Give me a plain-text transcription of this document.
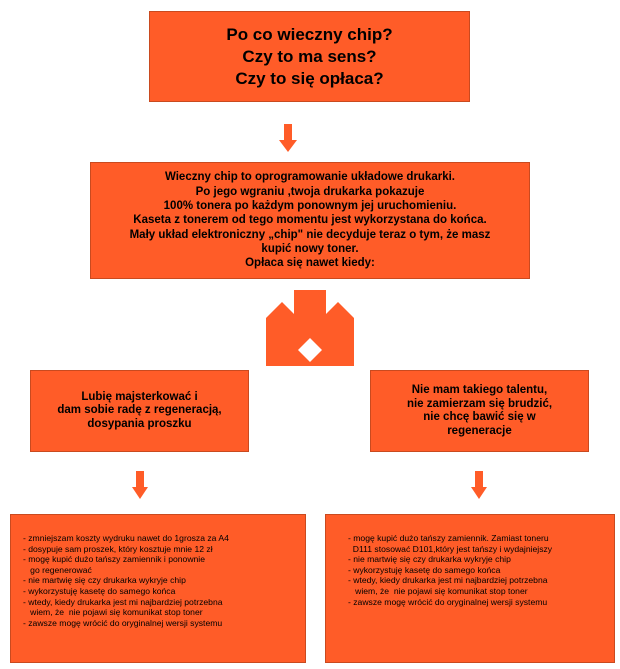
Po co wieczny chip?
Czy to ma sens?
Czy to się opłaca?
Wieczny chip to oprogramowanie układowe drukarki.
Po jego wgraniu ,twoja drukarka pokazuje
100% tonera po każdym ponownym jej uruchomieniu.
Kaseta z tonerem od tego momentu jest wykorzystana do końca.
Mały układ elektroniczny „chip" nie decyduje teraz o tym, że masz
kupić nowy toner.
Opłaca się nawet kiedy:
Lubię majsterkować i
dam sobie radę z regeneracją,
dosypania proszku
Nie mam takiego talentu,
nie zamierzam się brudzić,
nie chcę bawić się w
regeneracje
- zmniejszam koszty wydruku nawet do 1grosza za A4
- dosypuje sam proszek, który kosztuje mnie 12 zł
- mogę kupić dużo tańszy zamiennik i ponownie
go regenerować
- nie martwię się czy drukarka wykryje chip
- wykorzystuję kasetę do samego końca
- wtedy, kiedy drukarka jest mi najbardziej potrzebna
wiem, że  nie pojawi się komunikat stop toner
- zawsze mogę wrócić do oryginalnej wersji systemu
- mogę kupić dużo tańszy zamiennik. Zamiast toneru
D111 stosować D101,który jest tańszy i wydajniejszy
- nie martwię się czy drukarka wykryje chip
- wykorzystuję kasetę do samego końca
- wtedy, kiedy drukarka jest mi najbardziej potrzebna
wiem, że  nie pojawi się komunikat stop toner
- zawsze mogę wrócić do oryginalnej wersji systemu
